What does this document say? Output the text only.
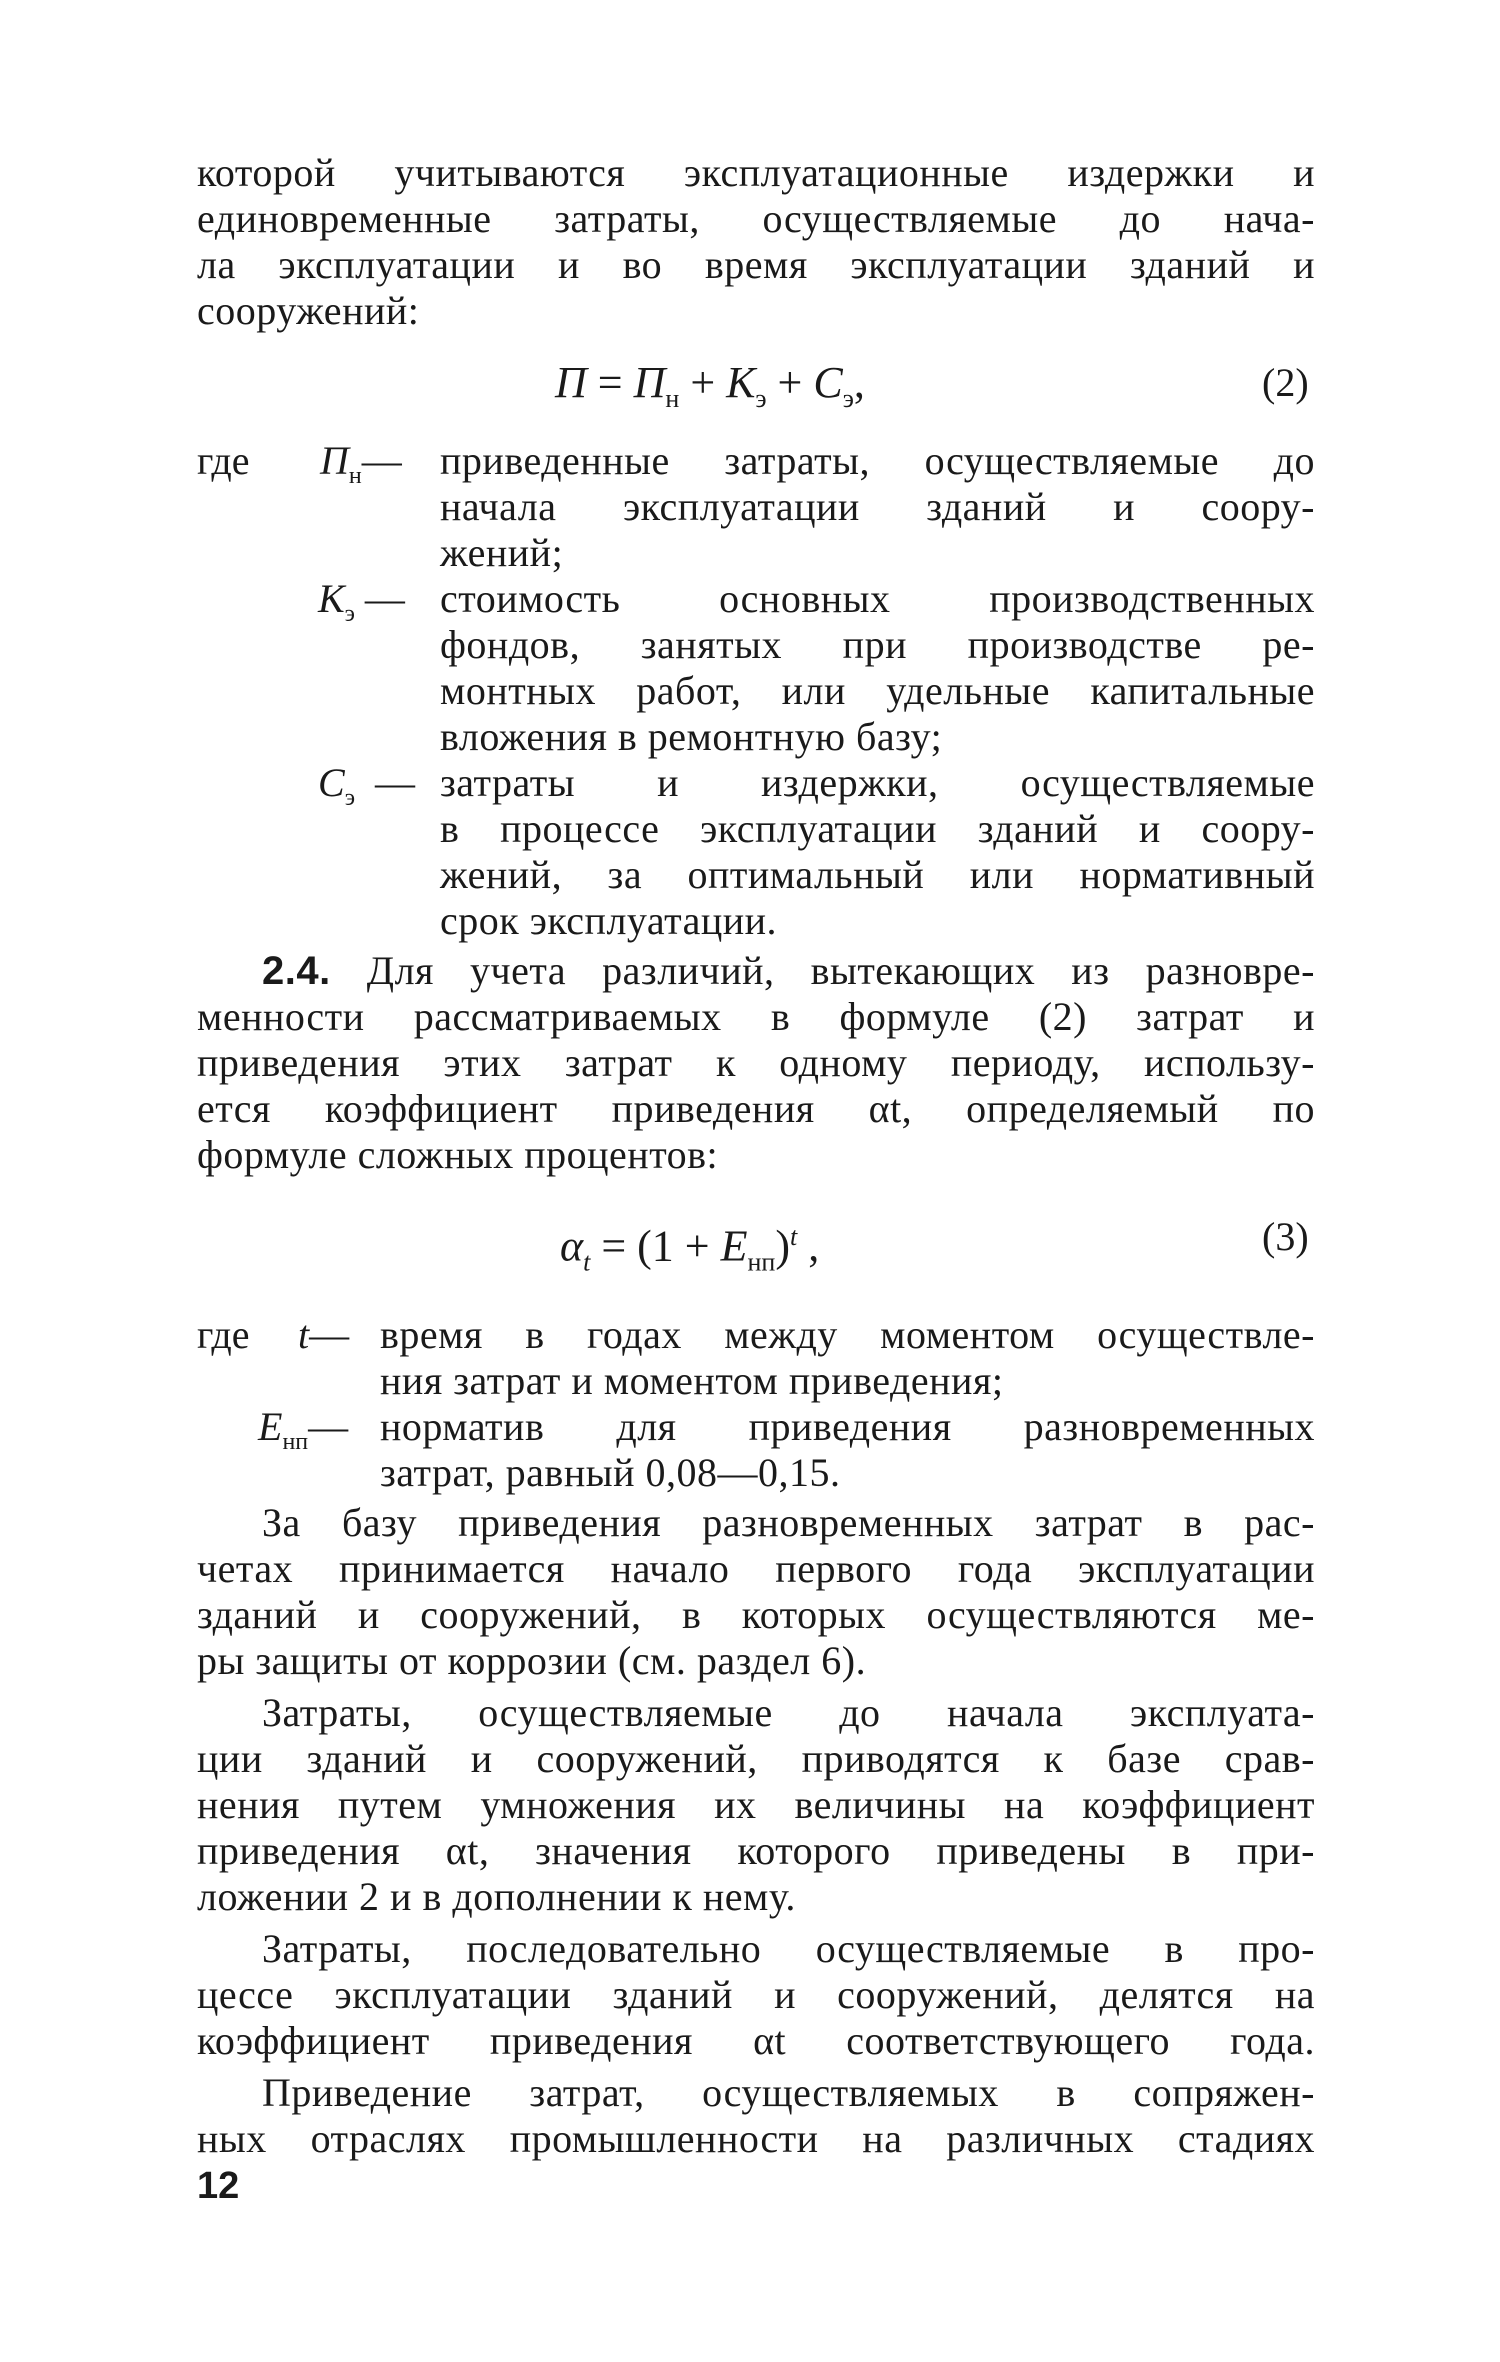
которой учитываются эксплуатационные издержки и
единовременные затраты, осуществляемые до нача-
ла эксплуатации и во время эксплуатации зданий и
сооружений:
$П = П_н + К_э + С_э$,	(2)
где $П_н—$ приведенные затраты, осуществляемые до
начала эксплуатации зданий и соору-
жений;
$К_э$ — стоимость основных производственных
фондов, занятых при производстве ре-
монтных работ, или удельные капитальные
вложения в ремонтную базу;
$С_э$ — затраты и издержки, осуществляемые
в процессе эксплуатации зданий и соору-
жений, за оптимальный или нормативный
срок эксплуатации.
2.4. Для учета различий, вытекающих из разновре-
менности рассматриваемых в формуле (2) затрат и
приведения этих затрат к одному периоду, использу-
ется коэффициент приведения αt, определяемый по
формуле сложных процентов:
$\alpha_t = (1 + E_{нп})^t$ ,	(3)
где t— время в годах между моментом осуществле-
ния затрат и моментом приведения;
$E_{нп}—$ норматив для приведения разновременных
затрат, равный 0,08—0,15.
За базу приведения разновременных затрат в рас-
четах принимается начало первого года эксплуатации
зданий и сооружений, в которых осуществляются ме-
ры защиты от коррозии (см. раздел 6).
Затраты, осуществляемые до начала эксплуата-
ции зданий и сооружений, приводятся к базе срав-
нения путем умножения их величины на коэффициент
приведения αt, значения которого приведены в при-
ложении 2 и в дополнении к нему.
Затраты, последовательно осуществляемые в про-
цессе эксплуатации зданий и сооружений, делятся на
коэффициент приведения αt соответствующего года.
Приведение затрат, осуществляемых в сопряжен-
ных отраслях промышленности на различных стадиях
12
